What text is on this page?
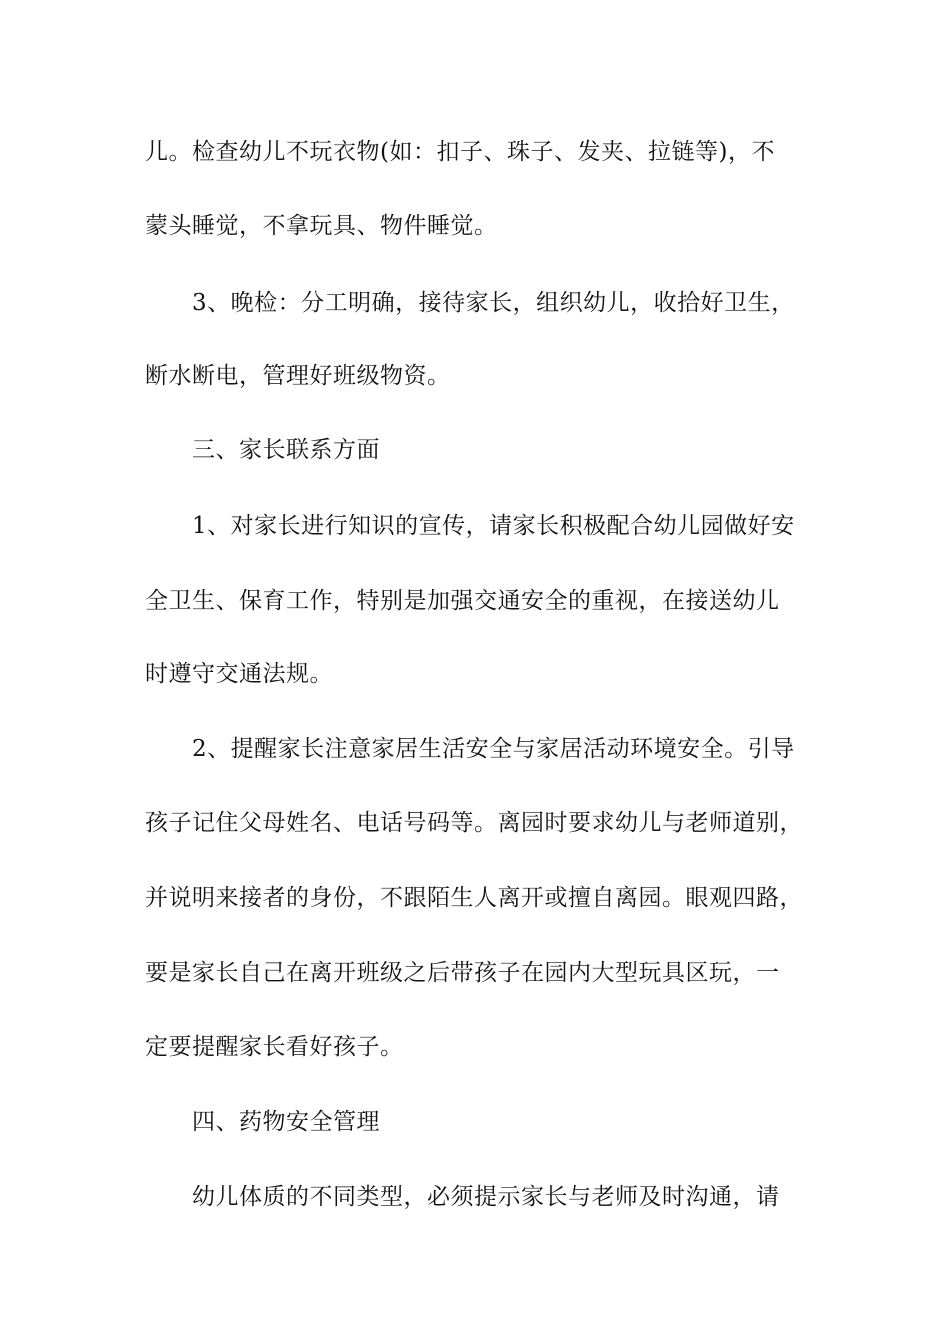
儿。检查幼儿不玩衣物(如：扣子、珠子、发夹、拉链等)，不
蒙头睡觉，不拿玩具、物件睡觉。
3、晚检：分工明确，接待家长，组织幼儿，收拾好卫生，
断水断电，管理好班级物资。
三、家长联系方面
1、对家长进行知识的宣传，请家长积极配合幼儿园做好安
全卫生、保育工作，特别是加强交通安全的重视，在接送幼儿
时遵守交通法规。
2、提醒家长注意家居生活安全与家居活动环境安全。引导
孩子记住父母姓名、电话号码等。离园时要求幼儿与老师道别，
并说明来接者的身份，不跟陌生人离开或擅自离园。眼观四路，
要是家长自己在离开班级之后带孩子在园内大型玩具区玩，一
定要提醒家长看好孩子。
四、药物安全管理
幼儿体质的不同类型，必须提示家长与老师及时沟通，请
